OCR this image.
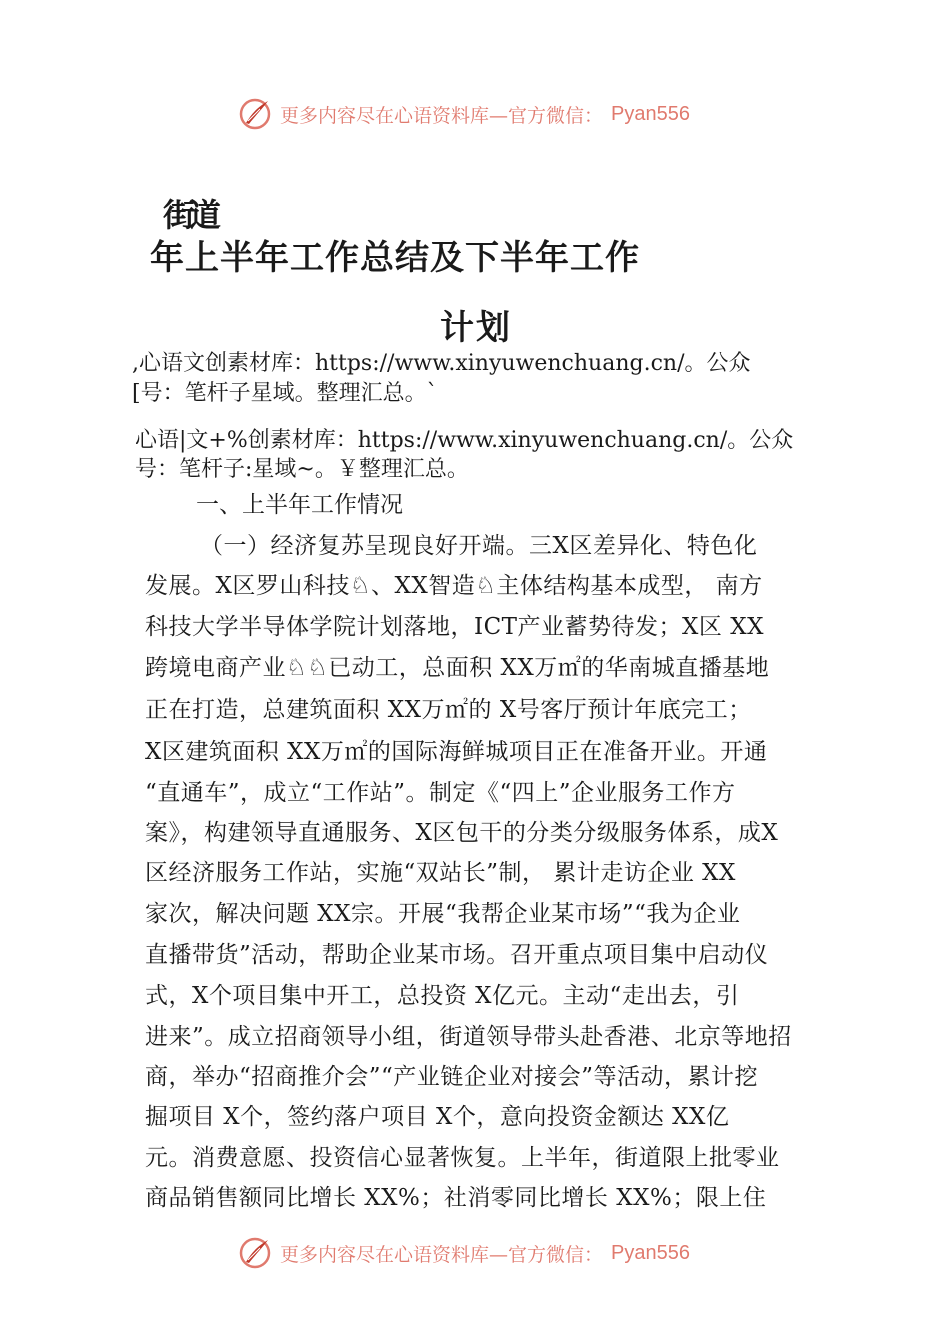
更多内容尽在心语资料库—官方微信： Pyan556
街道
年上半年工作总结及下半年工作
计划
,心语文创素材库：https://www.xinyuwenchuang.cn/。公众
[号：笔杆子星域。整理汇总。`
心语|文+%创素材库：https://www.xinyuwenchuang.cn/。公众
号：笔杆子:星域~。￥整理汇总。
一、上半年工作情况
（一）经济复苏呈现良好开端。三X区差异化、特色化
发展。X区罗山科技♘、XX智造♘主体结构基本成型， 南方
科技大学半导体学院计划落地，ICT产业蓄势待发；X区 XX
跨境电商产业♘♘已动工，总面积 XX万㎡的华南城直播基地
正在打造，总建筑面积 XX万㎡的 X号客厅预计年底完工；
X区建筑面积 XX万㎡的国际海鲜城项目正在准备开业。开通
“直通车”，成立“工作站”。制定《“四上”企业服务工作方
案》，构建领导直通服务、X区包干的分类分级服务体系，成X
区经济服务工作站，实施“双站长”制， 累计走访企业 XX
家次，解决问题 XX宗。开展“我帮企业某市场”“我为企业
直播带货”活动，帮助企业某市场。召开重点项目集中启动仪
式，X个项目集中开工，总投资 X亿元。主动“走出去，引
进来”。成立招商领导小组，街道领导带头赴香港、北京等地招
商，举办“招商推介会”“产业链企业对接会”等活动，累计挖
掘项目 X个，签约落户项目 X个，意向投资金额达 XX亿
元。消费意愿、投资信心显著恢复。上半年，街道限上批零业
商品销售额同比增长 XX%；社消零同比增长 XX%；限上住
更多内容尽在心语资料库—官方微信： Pyan556
